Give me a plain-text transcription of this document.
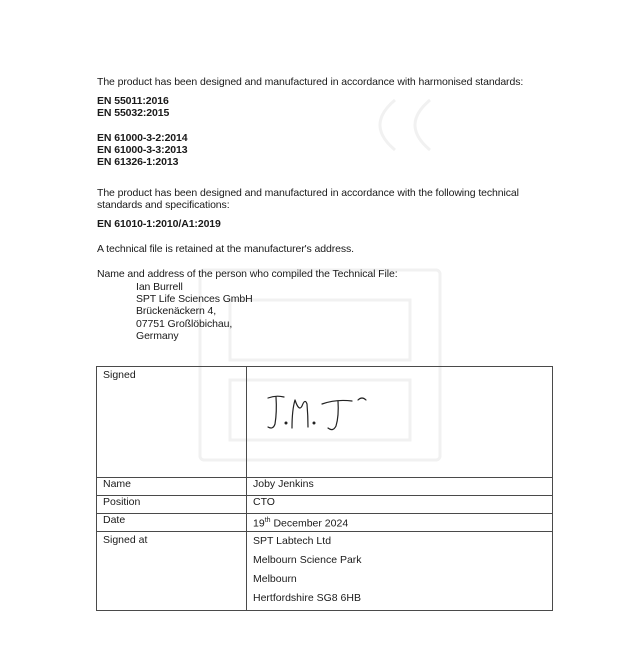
The product has been designed and manufactured in accordance with harmonised standards:
EN 55011:2016
EN 55032:2015
EN 61000-3-2:2014
EN 61000-3-3:2013
EN 61326-1:2013
The product has been designed and manufactured in accordance with the following technical
standards and specifications:
EN 61010-1:2010/A1:2019
A technical file is retained at the manufacturer's address.
Name and address of the person who compiled the Technical File:
Ian Burrell
SPT Life Sciences GmbH
Brückenäckern 4,
07751 Großlöbichau,
Germany
Signed	
Name	Joby Jenkins
Position	CTO
Date	19th December 2024
Signed at	SPT Labtech Ltd
Melbourn Science Park
Melbourn
Hertfordshire SG8 6HB
